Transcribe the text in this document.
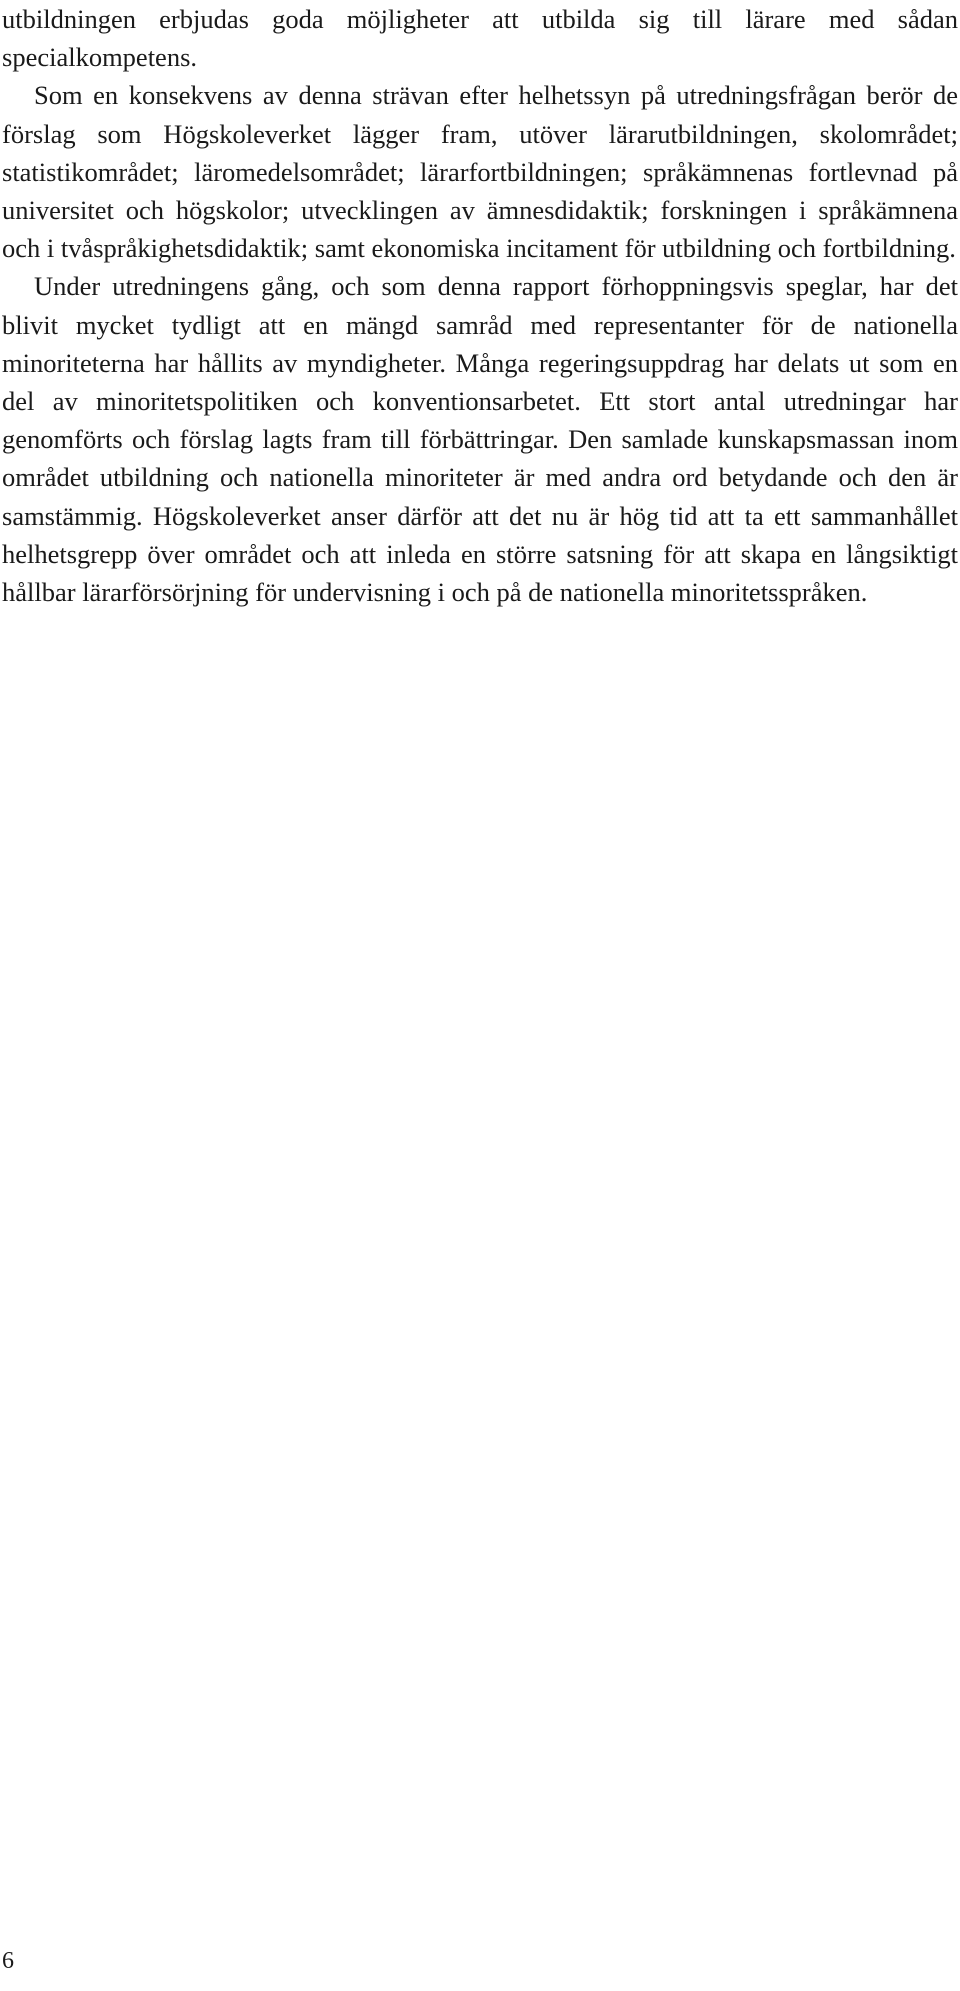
utbildningen erbjudas goda möjligheter att utbilda sig till lärare med sådan specialkompetens.

Som en konsekvens av denna strävan efter helhetssyn på utredningsfrågan berör de förslag som Högskoleverket lägger fram, utöver lärarutbildningen, skolområdet; statistikområdet; läromedelsområdet; lärarfortbildningen; språkämnenas fortlevnad på universitet och högskolor; utvecklingen av ämnesdidaktik; forskningen i språkämnena och i tvåspråkighetsdidaktik; samt ekonomiska incitament för utbildning och fortbildning.

Under utredningens gång, och som denna rapport förhoppningsvis speglar, har det blivit mycket tydligt att en mängd samråd med representanter för de nationella minoriteterna har hållits av myndigheter. Många regeringsuppdrag har delats ut som en del av minoritetspolitiken och konventionsarbetet. Ett stort antal utredningar har genomförts och förslag lagts fram till förbättringar. Den samlade kunskapsmassan inom området utbildning och nationella minoriteter är med andra ord betydande och den är samstämmig. Högskoleverket anser därför att det nu är hög tid att ta ett sammanhållet helhetsgrepp över området och att inleda en större satsning för att skapa en långsiktigt hållbar lärarförsörjning för undervisning i och på de nationella minoritetsspråken.

6
